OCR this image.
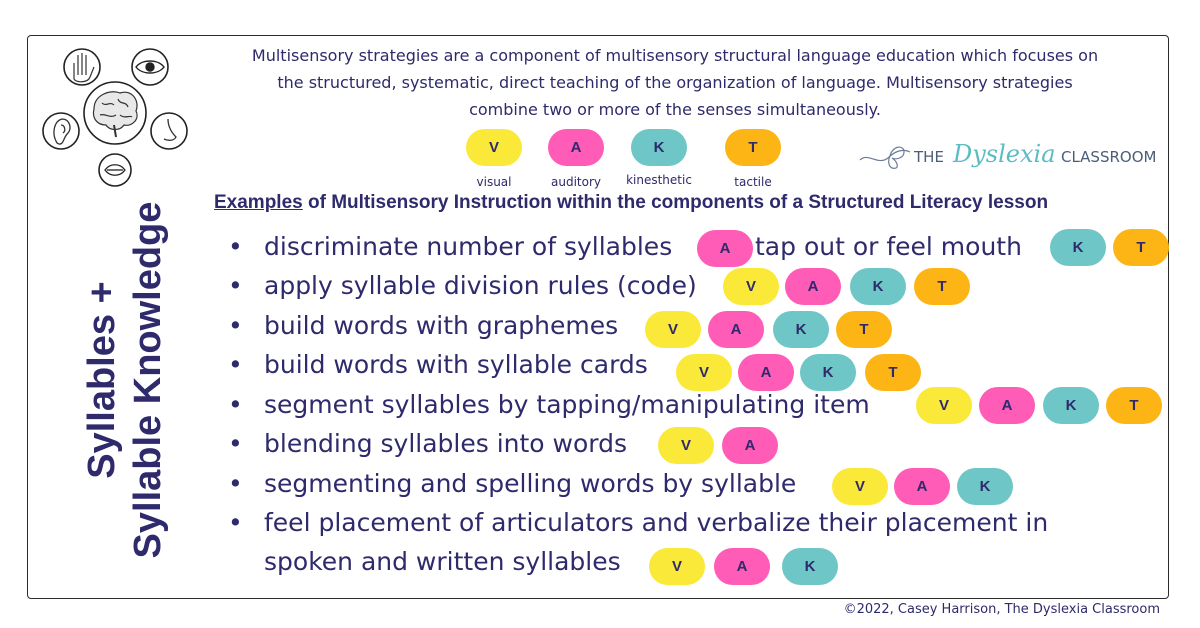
Syllables + Syllable Knowledge
Multisensory strategies are a component of multisensory structural language education which focuses on
the structured, systematic, direct teaching of the organization of language. Multisensory strategies
combine two or more of the senses simultaneously.
V
visual
A
auditory
K
kinesthetic
T
tactile
THE Dyslexia CLASSROOM
Examples of Multisensory Instruction within the components of a Structured Literacy lesson
• discriminate number of syllables	A tap out or feel mouth	K	T
• apply syllable division rules (code)	V	A	K	T
• build words with graphemes	V	A	K	T
• build words with syllable cards	V	A	K	T
• segment syllables by tapping/manipulating item	V	A	K	T
• blending syllables into words	V	A
• segmenting and spelling words by syllable	V	A	K
• feel placement of articulators and verbalize their placement in
spoken and written syllables	V	A	K
©2022, Casey Harrison, The Dyslexia Classroom
